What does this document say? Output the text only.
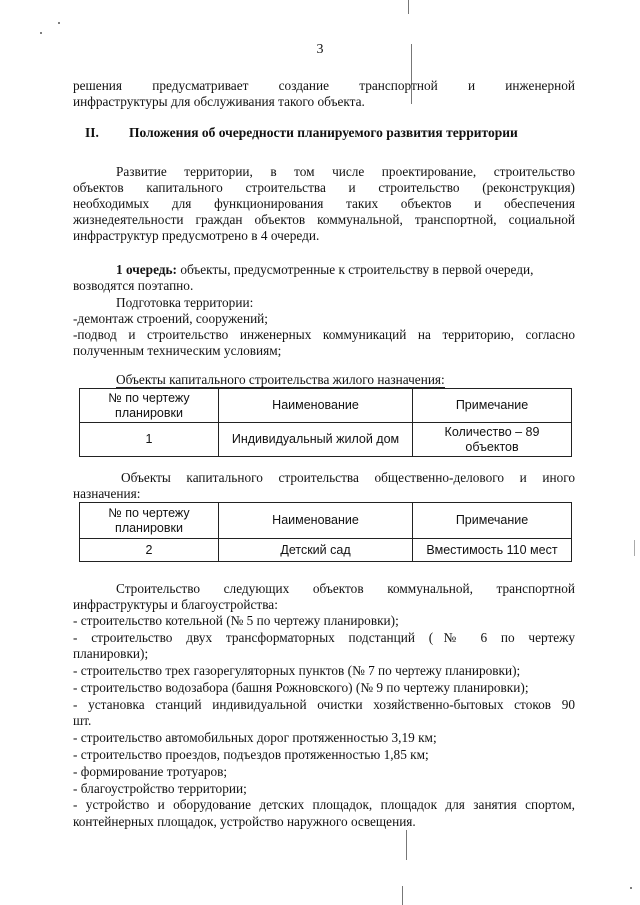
3
решения предусматривает создание транспортной и инженерной
инфраструктуры для обслуживания такого объекта.
II. Положения об очередности планируемого развития территории
Развитие территории, в том числе проектирование, строительство
объектов капитального строительства и строительство (реконструкция)
необходимых для функционирования таких объектов и обеспечения
жизнедеятельности граждан объектов коммунальной, транспортной, социальной
инфраструктур предусмотрено в 4 очереди.
1 очередь: объекты, предусмотренные к строительству в первой очереди,
возводятся поэтапно.
Подготовка территории:
-демонтаж строений, сооружений;
-подвод и строительство инженерных коммуникаций на территорию, согласно
полученным техническим условиям;
Объекты капитального строительства жилого назначения:
№ по чертежу планировки	Наименование	Примечание
1	Индивидуальный жилой дом	Количество – 89 объектов
Объекты капитального строительства общественно-делового и иного
назначения:
№ по чертежу планировки	Наименование	Примечание
2	Детский сад	Вместимость 110 мест
Строительство следующих объектов коммунальной, транспортной
инфраструктуры и благоустройства:
- строительство котельной (№ 5 по чертежу планировки);
- строительство двух трансформаторных подстанций (№ 6 по чертежу
планировки);
- строительство трех газорегуляторных пунктов (№ 7 по чертежу планировки);
- строительство водозабора (башня Рожновского) (№ 9 по чертежу планировки);
- установка станций индивидуальной очистки хозяйственно-бытовых стоков 90
шт.
- строительство автомобильных дорог протяженностью 3,19 км;
- строительство проездов, подъездов протяженностью 1,85 км;
- формирование тротуаров;
- благоустройство территории;
- устройство и оборудование детских площадок, площадок для занятия спортом,
контейнерных площадок, устройство наружного освещения.
